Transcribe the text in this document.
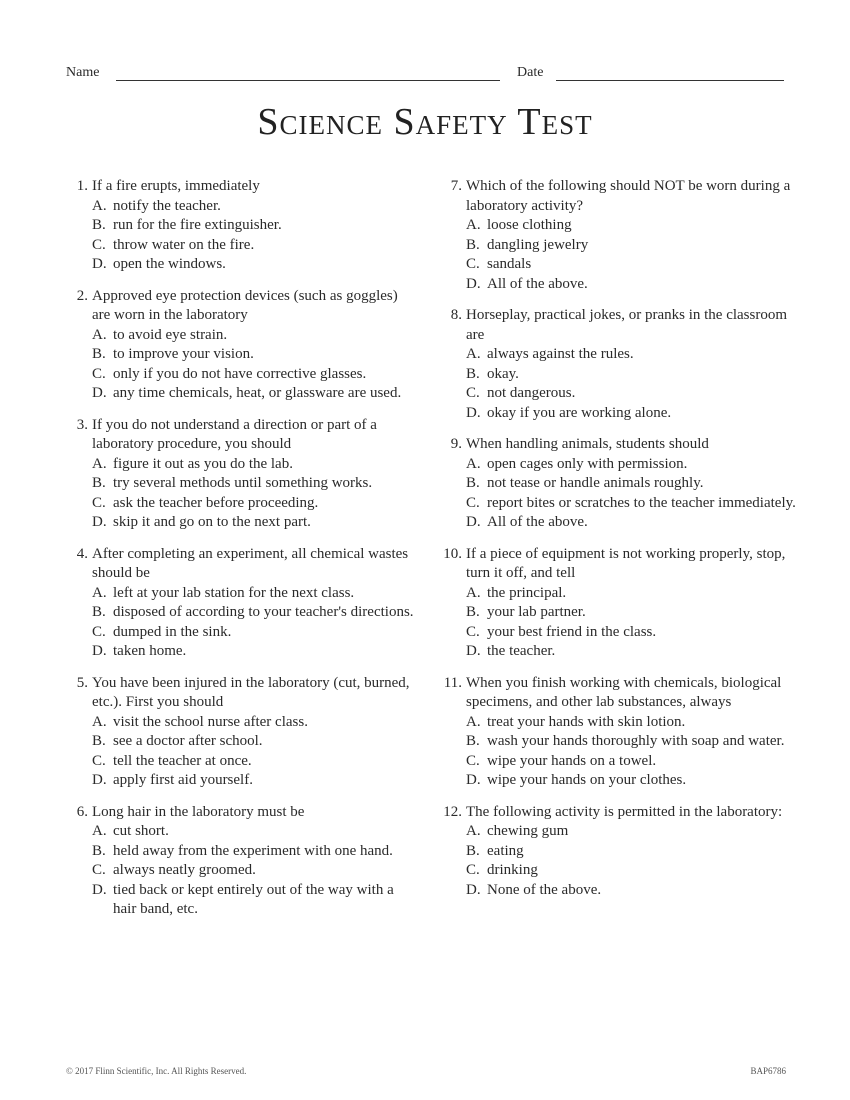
Name	Date
Science Safety Test
1. If a fire erupts, immediately
A. notify the teacher.
B. run for the fire extinguisher.
C. throw water on the fire.
D. open the windows.
2. Approved eye protection devices (such as goggles) are worn in the laboratory
A. to avoid eye strain.
B. to improve your vision.
C. only if you do not have corrective glasses.
D. any time chemicals, heat, or glassware are used.
3. If you do not understand a direction or part of a laboratory procedure, you should
A. figure it out as you do the lab.
B. try several methods until something works.
C. ask the teacher before proceeding.
D. skip it and go on to the next part.
4. After completing an experiment, all chemical wastes should be
A. left at your lab station for the next class.
B. disposed of according to your teacher's directions.
C. dumped in the sink.
D. taken home.
5. You have been injured in the laboratory (cut, burned, etc.). First you should
A. visit the school nurse after class.
B. see a doctor after school.
C. tell the teacher at once.
D. apply first aid yourself.
6. Long hair in the laboratory must be
A. cut short.
B. held away from the experiment with one hand.
C. always neatly groomed.
D. tied back or kept entirely out of the way with a hair band, etc.
7. Which of the following should NOT be worn during a laboratory activity?
A. loose clothing
B. dangling jewelry
C. sandals
D. All of the above.
8. Horseplay, practical jokes, or pranks in the classroom are
A. always against the rules.
B. okay.
C. not dangerous.
D. okay if you are working alone.
9. When handling animals, students should
A. open cages only with permission.
B. not tease or handle animals roughly.
C. report bites or scratches to the teacher immediately.
D. All of the above.
10. If a piece of equipment is not working properly, stop, turn it off, and tell
A. the principal.
B. your lab partner.
C. your best friend in the class.
D. the teacher.
11. When you finish working with chemicals, biological specimens, and other lab substances, always
A. treat your hands with skin lotion.
B. wash your hands thoroughly with soap and water.
C. wipe your hands on a towel.
D. wipe your hands on your clothes.
12. The following activity is permitted in the laboratory:
A. chewing gum
B. eating
C. drinking
D. None of the above.
© 2017 Flinn Scientific, Inc. All Rights Reserved.	BAP6786
